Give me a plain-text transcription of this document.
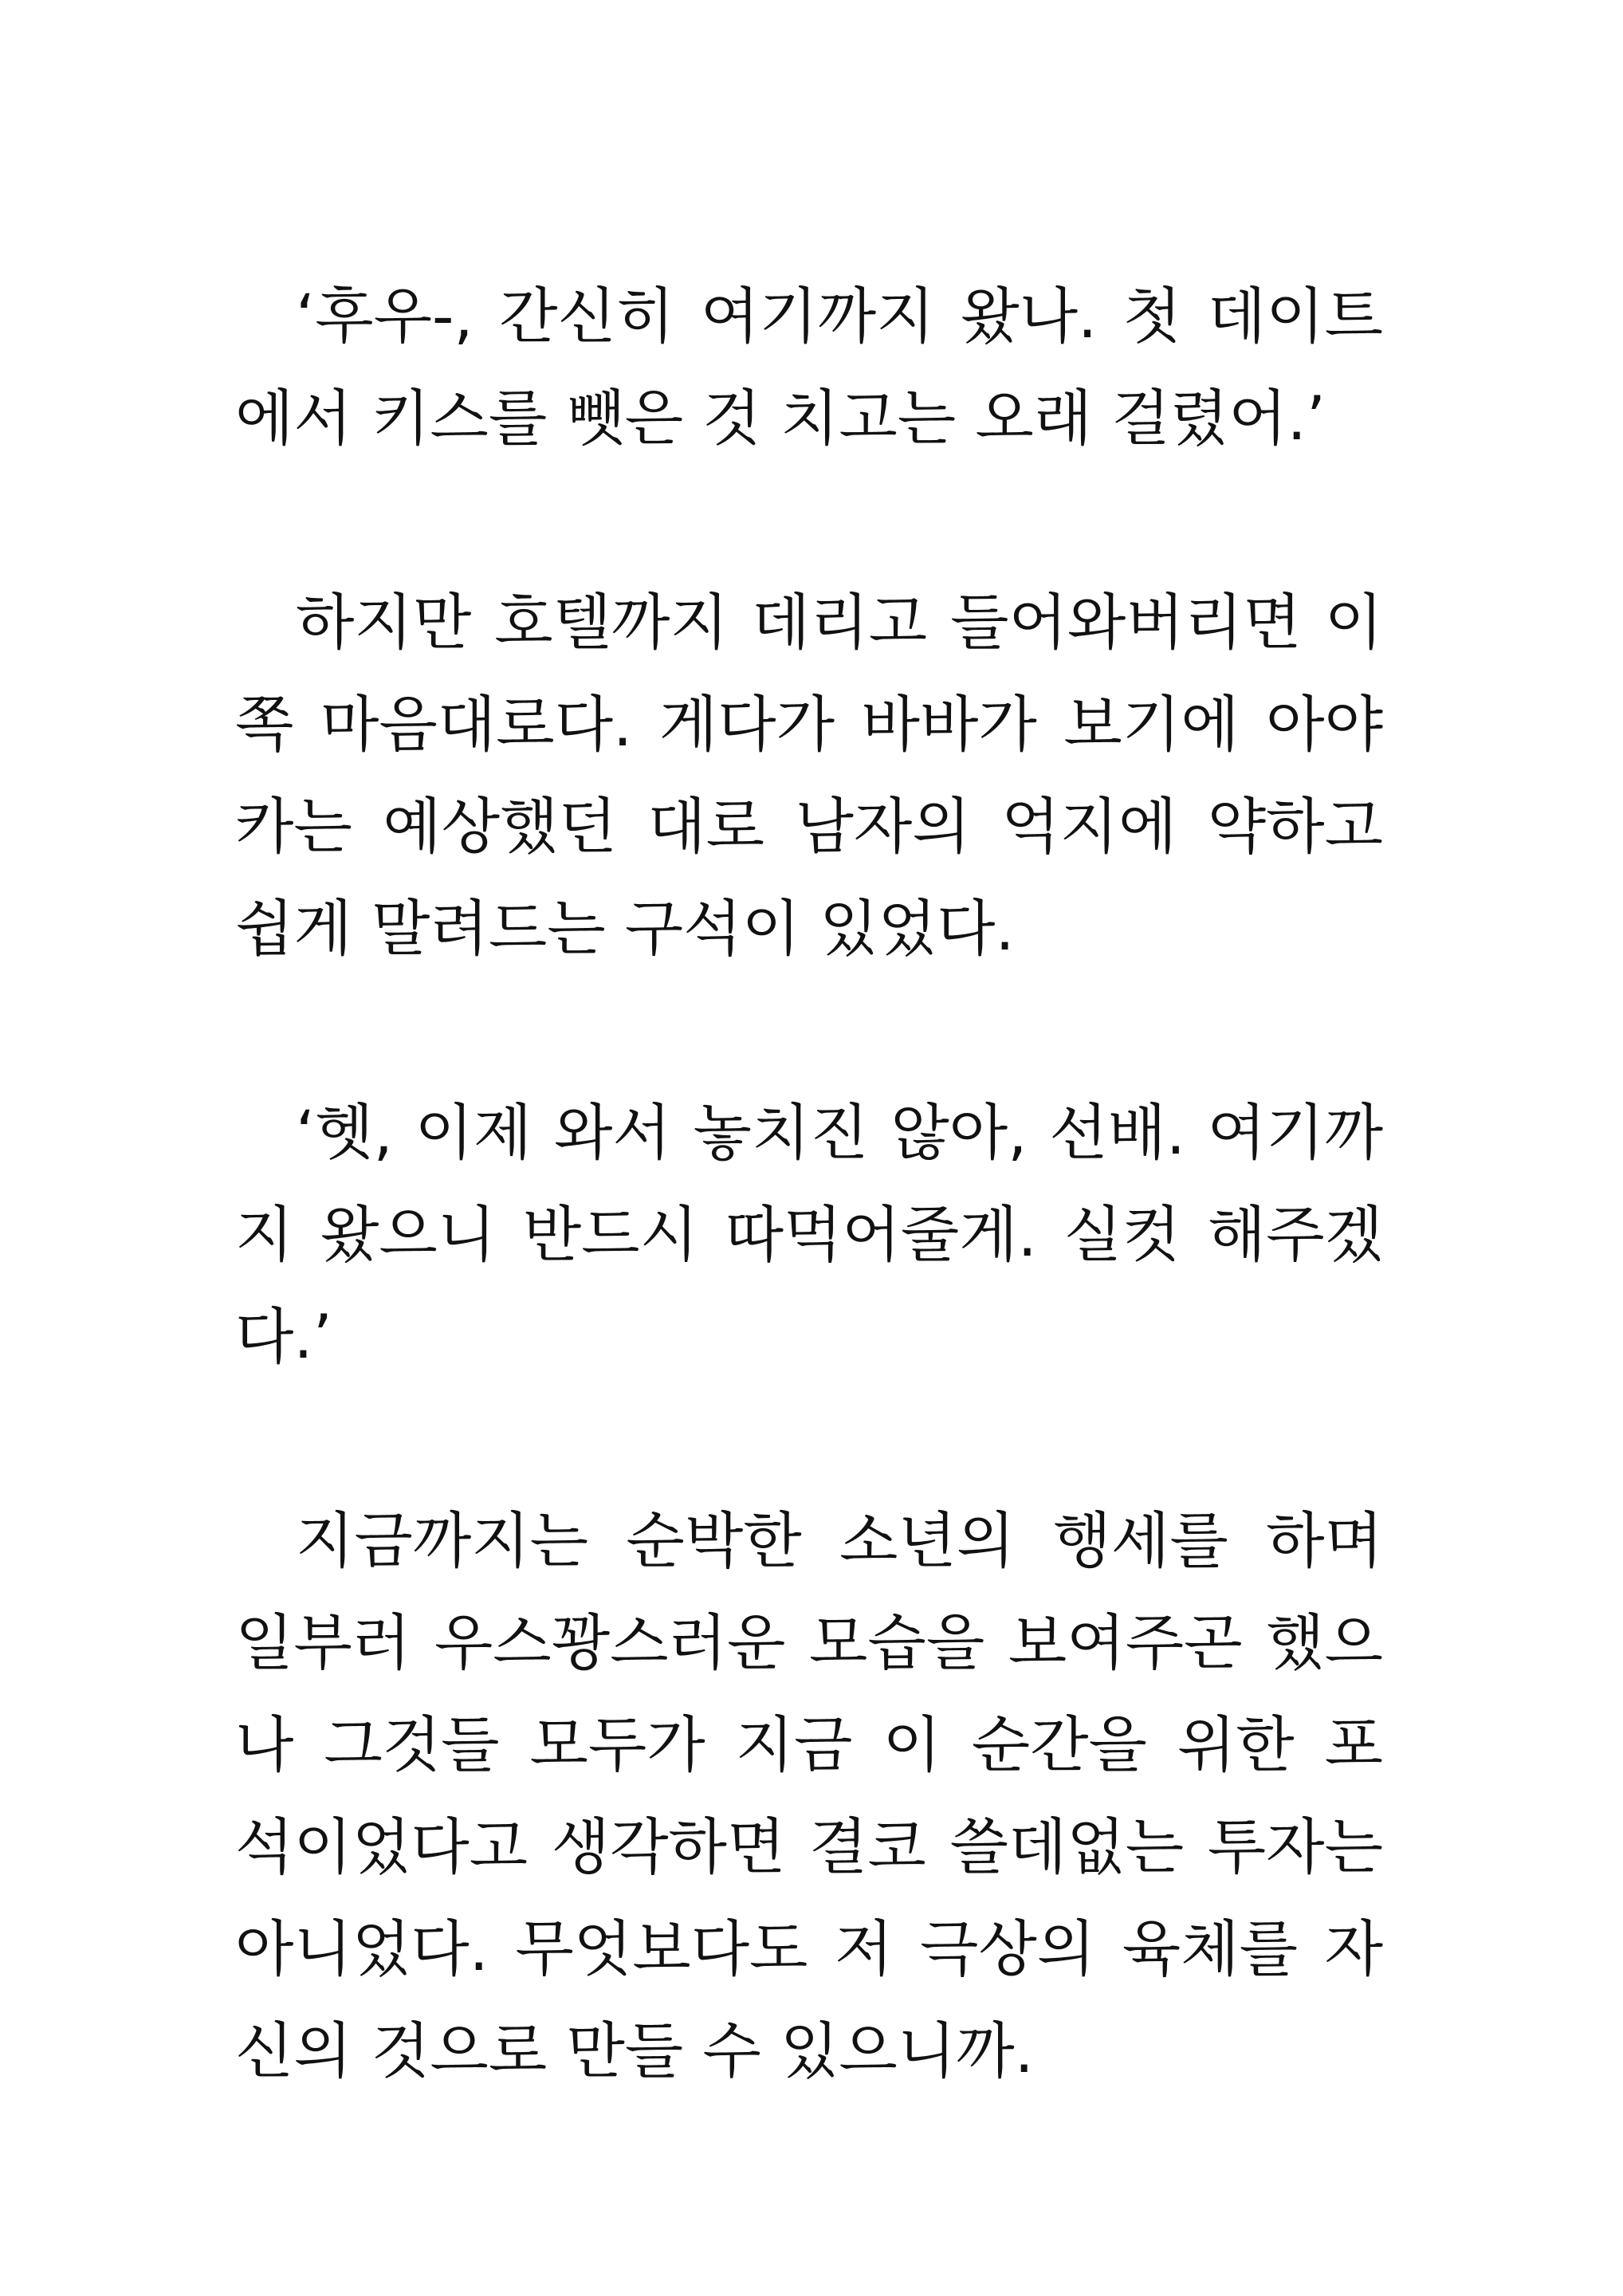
‘후우-, 간신히 여기까지 왔나. 첫 데이트
에서 키스를 뺏은 것 치고는 오래 걸렸어.’
하지만 호텔까지 데리고 들어와버리면 이
쪽 마음대로다. 게다가 바바가 보기에 아야
카는 예상했던 대로 남자의 억지에 약하고
쉽게 말려드는 구석이 있었다.
‘헷, 이제 와서 놓치진 않아, 선배. 여기까
지 왔으니 반드시 따먹어줄게. 실컷 해주겠
다.’
지금까지는 순박한 소년의 행세를 하며
일부러 우스꽝스러운 모습을 보여주곤 했으
나 그것들 모두가 지금 이 순간을 위한 포
석이었다고 생각하면 결코 쓸데없는 투자는
아니었다. 무엇보다도 저 극상의 육체를 자
신의 것으로 만들 수 있으니까.
